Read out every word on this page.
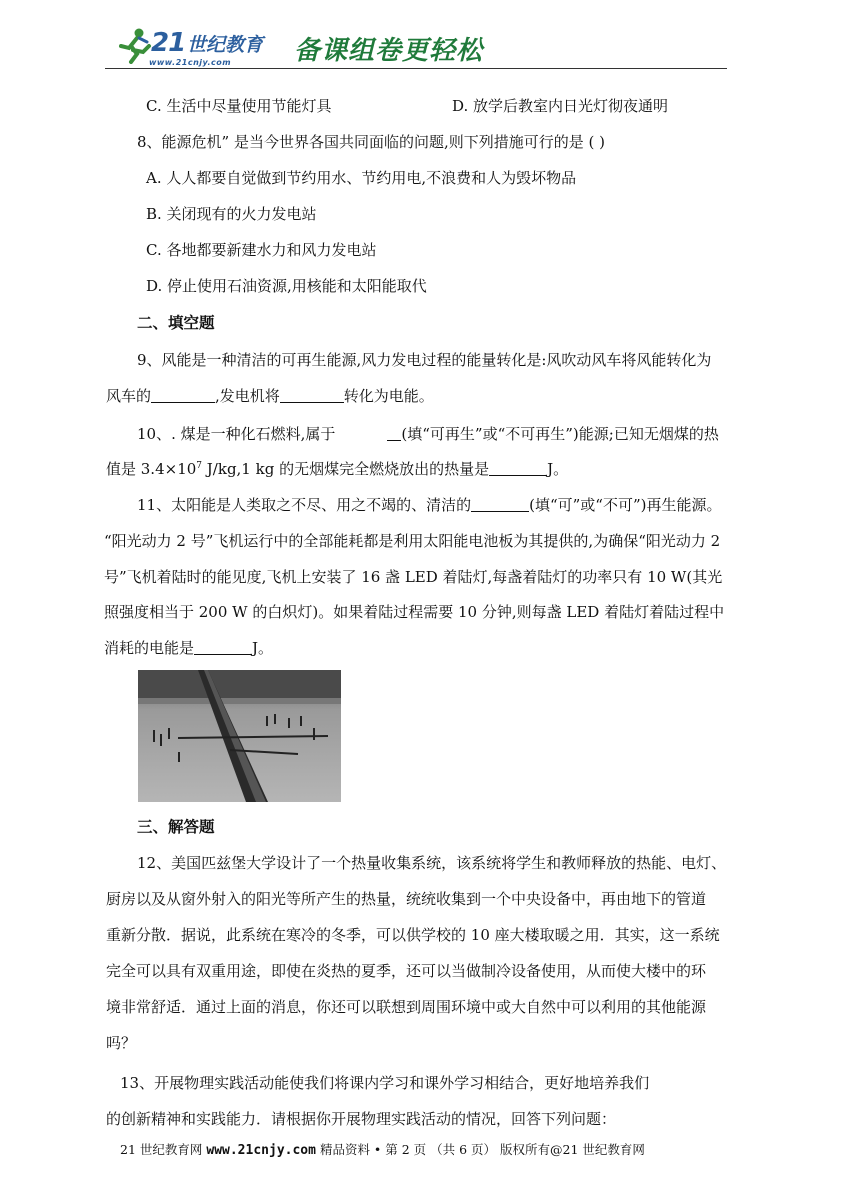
21 世纪教育
www.21cnjy.com 备课组卷更轻松
C. 生活中尽量使用节能灯具	D. 放学后教室内日光灯彻夜通明
8、能源危机” 是当今世界各国共同面临的问题,则下列措施可行的是 ( )
A. 人人都要自觉做到节约用水、节约用电,不浪费和人为毁坏物品
B. 关闭现有的火力发电站
C. 各地都要新建水力和风力发电站
D. 停止使用石油资源,用核能和太阳能取代
二、填空题
9、风能是一种清洁的可再生能源,风力发电过程的能量转化是:风吹动风车将风能转化为
风车的	,发电机将	转化为电能。
10、. 煤是一种化石燃料,属于	(填“可再生”或“不可再生”)能源;已知无烟煤的热
值是 $3.4\times 10^7$ J/kg,1 kg 的无烟煤完全燃烧放出的热量是	J。
11、太阳能是人类取之不尽、用之不竭的、清洁的	(填“可”或“不可”)再生能源。
“阳光动力 2 号”飞机运行中的全部能耗都是利用太阳能电池板为其提供的,为确保“阳光动力 2
号”飞机着陆时的能见度,飞机上安装了 16 盏 LED 着陆灯,每盏着陆灯的功率只有 10 W(其光
照强度相当于 200 W 的白炽灯)。如果着陆过程需要 10 分钟,则每盏 LED 着陆灯着陆过程中
消耗的电能是	J。
三、解答题
12、美国匹兹堡大学设计了一个热量收集系统，该系统将学生和教师释放的热能、电灯、
厨房以及从窗外射入的阳光等所产生的热量，统统收集到一个中央设备中，再由地下的管道
重新分散．据说，此系统在寒冷的冬季，可以供学校的 10 座大楼取暖之用．其实，这一系统
完全可以具有双重用途，即使在炎热的夏季，还可以当做制冷设备使用，从而使大楼中的环
境非常舒适．通过上面的消息，你还可以联想到周围环境中或大自然中可以利用的其他能源
吗？
13、开展物理实践活动能使我们将课内学习和课外学习相结合，更好地培养我们
的创新精神和实践能力．请根据你开展物理实践活动的情况，回答下列问题：
21 世纪教育网 www.21cnjy.com 精品资料 • 第 2 页 （共 6 页） 版权所有@21 世纪教育网
